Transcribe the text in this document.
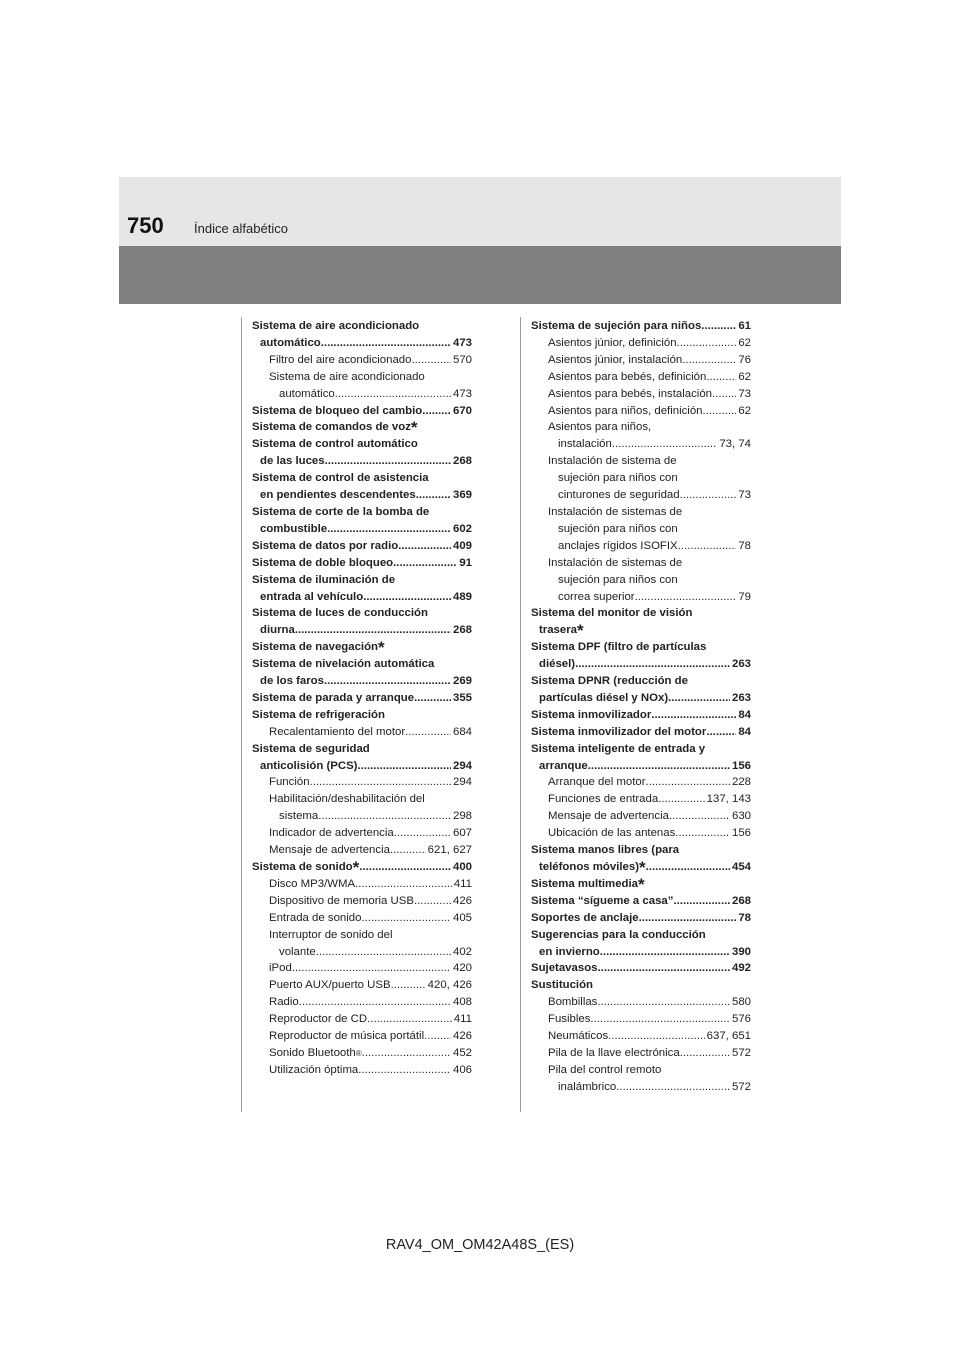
750 Índice alfabético
Sistema de aire acondicionado
automático .....	473
Filtro del aire acondicionado .....	570
Sistema de aire acondicionado
automático .....	473
Sistema de bloqueo del cambio .....	670
Sistema de comandos de voz *
Sistema de control automático
de las luces .....	268
Sistema de control de asistencia
en pendientes descendentes .....	369
Sistema de corte de la bomba de
combustible .....	602
Sistema de datos por radio .....	409
Sistema de doble bloqueo .....	91
Sistema de iluminación de
entrada al vehículo .....	489
Sistema de luces de conducción
diurna .....	268
Sistema de navegación *
Sistema de nivelación automática
de los faros .....	269
Sistema de parada y arranque .....	355
Sistema de refrigeración
Recalentamiento del motor .....	684
Sistema de seguridad
anticolisión (PCS) .....	294
Función .....	294
Habilitación/deshabilitación del
sistema .....	298
Indicador de advertencia .....	607
Mensaje de advertencia .....	621, 627
Sistema de sonido * .....	400
Disco MP3/WMA .....	411
Dispositivo de memoria USB .....	426
Entrada de sonido .....	405
Interruptor de sonido del
volante .....	402
iPod .....	420
Puerto AUX/puerto USB .....	420, 426
Radio .....	408
Reproductor de CD .....	411
Reproductor de música portátil .....	426
Sonido Bluetooth ® .....	452
Utilización óptima .....	406
Sistema de sujeción para niños .....	61
Asientos júnior, definición .....	62
Asientos júnior, instalación .....	76
Asientos para bebés, definición .....	62
Asientos para bebés, instalación ..... 73
Asientos para niños, definición .....	62
Asientos para niños,
instalación .....	73, 74
Instalación de sistema de
sujeción para niños con
cinturones de seguridad .....	73
Instalación de sistemas de
sujeción para niños con
anclajes rígidos ISOFIX .....	78
Instalación de sistemas de
sujeción para niños con
correa superior .....	79
Sistema del monitor de visión
trasera *
Sistema DPF (filtro de partículas
diésel) .....	263
Sistema DPNR (reducción de
partículas diésel y NOx) .....	263
Sistema inmovilizador .....	84
Sistema inmovilizador del motor .....	84
Sistema inteligente de entrada y
arranque .....	156
Arranque del motor .....	228
Funciones de entrada .....	137, 143
Mensaje de advertencia .....	630
Ubicación de las antenas .....	156
Sistema manos libres (para
teléfonos móviles) * .....	454
Sistema multimedia *
Sistema “sígueme a casa” .....	268
Soportes de anclaje .....	78
Sugerencias para la conducción
en invierno .....	390
Sujetavasos .....	492
Sustitución
Bombillas .....	580
Fusibles .....	576
Neumáticos .....	637, 651
Pila de la llave electrónica .....	572
Pila del control remoto
inalámbrico .....	572
RAV4_OM_OM42A48S_(ES)
